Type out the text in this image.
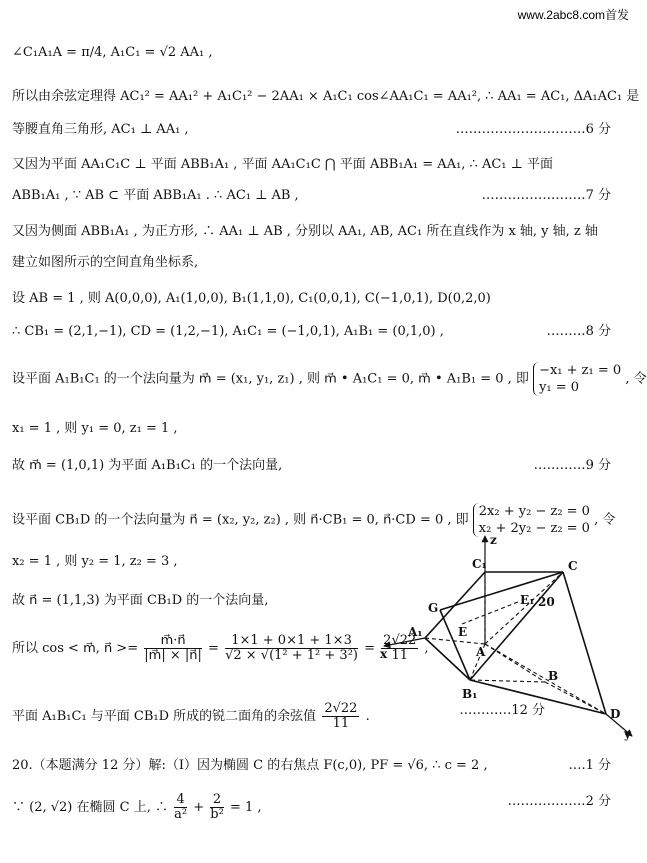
www.2abc8.com首发
∠C₁A₁A = π/4, A₁C₁ = √2 AA₁ ,
所以由余弦定理得 AC₁² = AA₁² + A₁C₁² − 2AA₁ × A₁C₁ cos∠AA₁C₁ = AA₁², ∴ AA₁ = AC₁, ΔA₁AC₁ 是
等腰直角三角形, AC₁ ⊥ AA₁ ,	…………………………6 分
又因为平面 AA₁C₁C ⊥ 平面 ABB₁A₁ , 平面 AA₁C₁C ⋂ 平面 ABB₁A₁ = AA₁, ∴ AC₁ ⊥ 平面
ABB₁A₁ , ∵ AB ⊂ 平面 ABB₁A₁ . ∴ AC₁ ⊥ AB ,	……………………7 分
又因为侧面 ABB₁A₁ , 为正方形, ∴ AA₁ ⊥ AB , 分别以 AA₁, AB, AC₁ 所在直线作为 x 轴, y 轴, z 轴
建立如图所示的空间直角坐标系,
设 AB = 1 , 则 A(0,0,0), A₁(1,0,0), B₁(1,1,0), C₁(0,0,1), C(−1,0,1), D(0,2,0)
∴ CB₁ = (2,1,−1), CD = (1,2,−1), A₁C₁ = (−1,0,1), A₁B₁ = (0,1,0) ,	………8 分
设平面 A₁B₁C₁ 的一个法向量为 m⃗ = (x₁, y₁, z₁) , 则 m⃗ • A₁C₁ = 0, m⃗ • A₁B₁ = 0 , 即
−x₁ + z₁ = 0
y₁ = 0
, 令
x₁ = 1 , 则 y₁ = 0, z₁ = 1 ,
故 m⃗ = (1,0,1) 为平面 A₁B₁C₁ 的一个法向量,	…………9 分
设平面 CB₁D 的一个法向量为 n⃗ = (x₂, y₂, z₂) , 则 n⃗·CB₁ = 0, n⃗·CD = 0 , 即
2x₂ + y₂ − z₂ = 0
x₂ + 2y₂ − z₂ = 0
, 令
x₂ = 1 , 则 y₂ = 1, z₂ = 3 ,
故 n⃗ = (1,1,3) 为平面 CB₁D 的一个法向量,
所以 cos < m⃗, n⃗ >= $\frac{m⃗\cdot n⃗}{|m⃗| \times |n⃗|} = \frac{1\times 1 + 0\times 1 + 1\times 3}{\text{√2 × √(1² + 1² + 3²)}} = \frac{2√22}{11}$ ,
平面 A₁B₁C₁ 与平面 CB₁D 所成的锐二面角的余弦值 $\frac{2√22}{11}$ .	…………12 分
20.（本题满分 12 分）解:（Ⅰ）因为椭圆 C 的右焦点 F(c,0), PF = √6, ∴ c = 2 ,	….1 分
∵ (2, √2) 在椭圆 C 上, ∴ $\frac{4}{\text{a²}} + \frac{2}{\text{b²}} = 1$ ,	………………2 分
z
C₁	C
G
E₁ 20
A₁	E
A
x
B₁
B
D
y
